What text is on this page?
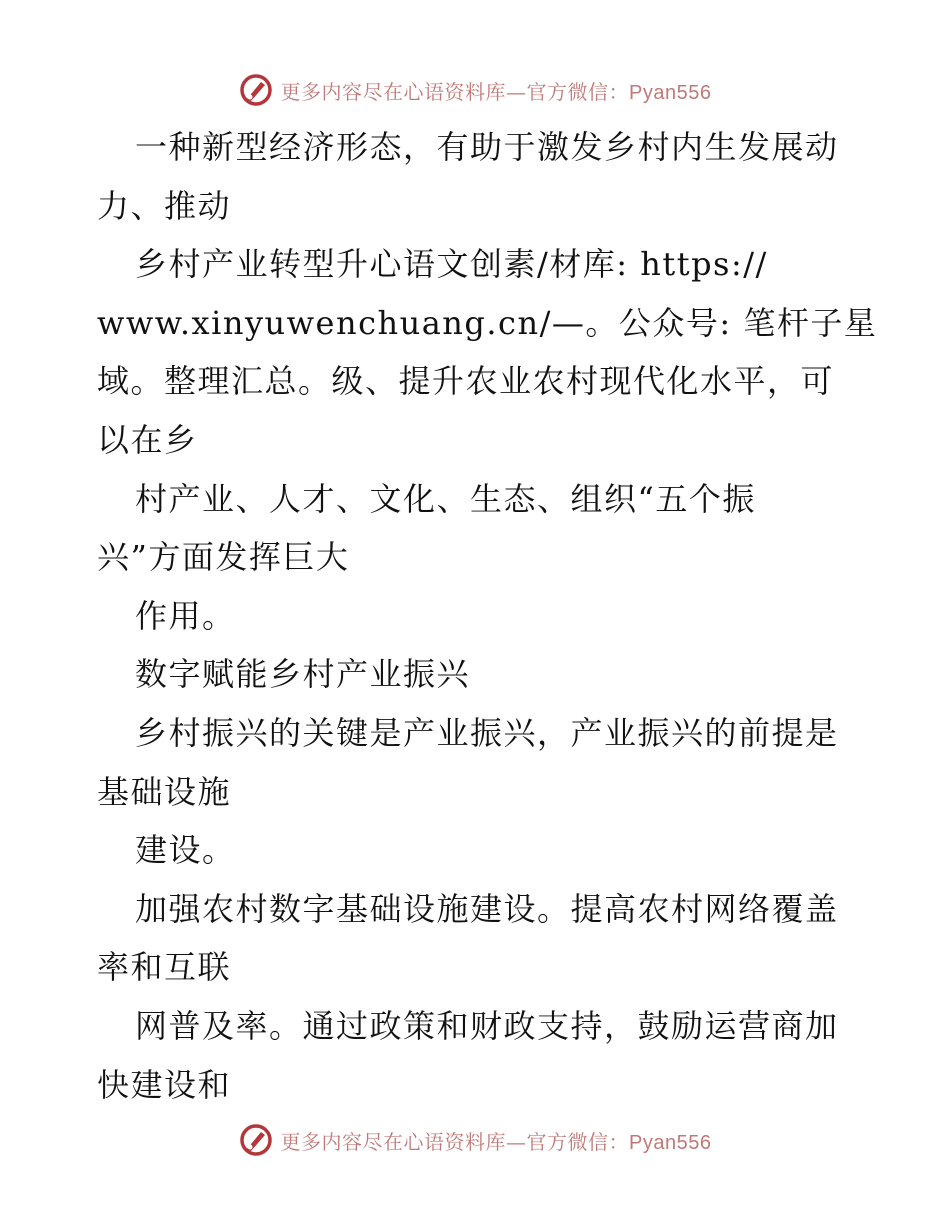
更多内容尽在心语资料库—官方微信：Pyan556
一种新型经济形态，有助于激发乡村内生发展动
力、推动
乡村产业转型升心语文创素/材库: https://
www.xinyuwenchuang.cn/—。公众号: 笔杆子星
域。整理汇总。级、提升农业农村现代化水平，可
以在乡
村产业、人才、文化、生态、组织“五个振
兴”方面发挥巨大
作用。
数字赋能乡村产业振兴
乡村振兴的关键是产业振兴，产业振兴的前提是
基础设施
建设。
加强农村数字基础设施建设。提高农村网络覆盖
率和互联
网普及率。通过政策和财政支持，鼓励运营商加
快建设和
更多内容尽在心语资料库—官方微信：Pyan556
